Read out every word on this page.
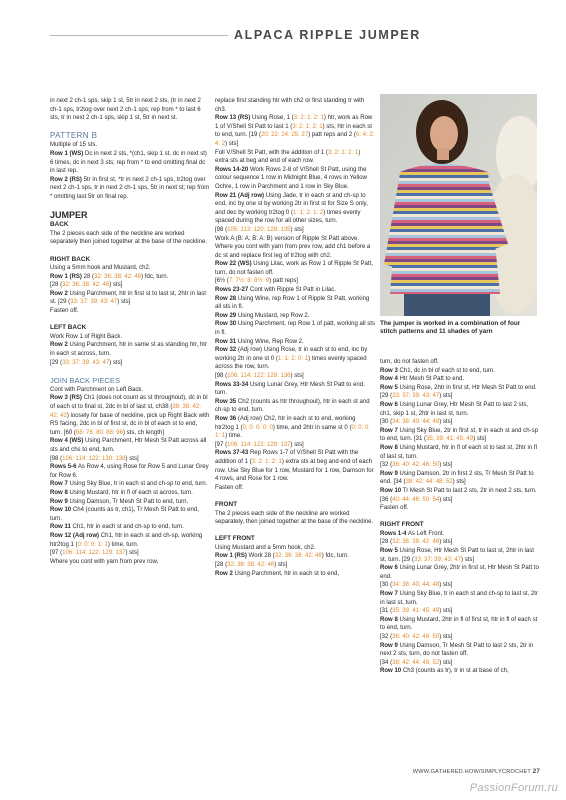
ALPACA RIPPLE JUMPER

in next 2 ch-1 sps, skip 1 st, 5tr in next 2 sts, (tr in next 2 ch-1 sps, tr2tog over next 2 ch-1 sps; rep from * to last 6 sts, tr in next 2 ch-1 sps, skip 1 st, 5tr in next st.

PATTERN B

Multiple of 15 sts.

Row 1 (WS) Dc in next 2 sts, *(ch1, skip 1 st, dc in next st) 6 times, dc in next 3 sts; rep from * to end omitting final dc in last rep.

Row 2 (RS) 5tr in first st, *tr in next 2 ch-1 sps, tr2tog over next 2 ch-1 sps, tr in next 2 ch-1 sps, 5tr in next st; rep from * omitting last 5tr on final rep.

JUMPER

BACK

The 2 pieces each side of the neckline are worked separately then joined together at the base of the neckline.

RIGHT BACK

Using a 5mm hook and Mustard, ch2.

Row 1 (RS) 28 (32: 36: 38: 42: 46) fdc, turn.

[28 (32: 36: 38: 42: 46) sts]

Row 2 Using Parchment, htr in first st to last st, 2htr in last st. [29 (33: 37: 39: 43: 47) sts]

Fasten off.

LEFT BACK

Work Row 1 of Right Back.

Row 2 Using Parchment, htr in same st as standing htr, htr in each st across, turn.

[29 (33: 37: 39: 43: 47) sts]

JOIN BACK PIECES

Cont with Parchment on Left Back.

Row 3 (RS) Ch1 (does not count as st throughout), dc in bl of each st to final st, 2dc in bl of last st, ch38 (38: 38: 42: 42: 42) loosely for base of neckline, pick up Right Back with RS facing, 2dc in bl of first st, dc in bl of each st to end, turn. [60 (68: 76: 80: 88: 96) sts, ch length]

Row 4 (WS) Using Parchment, Htr Mesh St Patt across all sts and chs to end, turn.

[98 (106: 114: 122: 130: 138) sts]

Rows 5-6 As Row 4, using Rose for Row 5 and Lunar Grey for Row 6.

Row 7 Using Sky Blue, tr in each st and ch-sp to end, turn.

Row 8 Using Mustard, htr in fl of each st across, turn.

Row 9 Using Damson, Tr Mesh St Patt to end, turn.

Row 10 Ch4 (counts as tr, ch1), Tr Mesh St Patt to end, turn.

Row 11 Ch1, htr in each st and ch-sp to end, turn.

Row 12 (Adj row) Ch1, htr in each st and ch-sp, working htr2tog 1 (0: 0: 0: 1: 1) time, turn.

[97 (106: 114: 122: 129: 137) sts]

Where you cont with yarn from prev row,

replace first standing htr with ch2 or first standing tr with ch3.

Row 13 (RS) Using Rose, 1 (3: 2: 1: 2: 1) htr, work as Row 1 of V/Shell St Patt to last 1 (3: 2: 1: 2: 1) sts, htr in each st to end, turn. [19 (20: 22: 24: 25: 27) patt reps and 2 (6: 4: 2: 4: 2) sts]

Foll V/Shell St Patt, with the addition of 1 (3: 2: 1: 2: 1) extra sts at beg and end of each row.

Rows 14-20 Work Rows 2-8 of V/Shell St Patt, using the colour sequence 1 row in Midnight Blue, 4 rows in Yellow Ochre, 1 row in Parchment and 1 row in Sky Blue.

Row 21 (Adj row) Using Jade, tr in each st and ch-sp to end, inc by one st by working 2tr in first st for Size S only, and dec by working tr2tog 0 (1: 1: 2: 1: 2) times evenly spaced during the row for all other sizes, turn.

[98 (105: 113: 120: 128: 135) sts]

Work A (B: A: B: A: B) version of Ripple St Patt above.

Where you cont with yarn from prev row, add ch1 before a dc st and replace first leg of tr2tog with ch2.

Row 22 (WS) Using Lilac, work as Row 1 of Ripple St Patt, turn, do not fasten off.

[6½ (7: 7½: 8: 8½: 9) patt reps]

Rows 23-27 Cont with Ripple St Patt in Lilac.

Row 28 Using Wine, rep Row 1 of Ripple St Patt, working all sts in fl.

Row 29 Using Mustard, rep Row 2.

Row 30 Using Parchment, rep Row 1 of patt, working all sts in fl.

Row 31 Using Wine, Rep Row 2.

Row 32 (Adj row) Using Rose, tr in each st to end, inc by working 2tr in one st 0 (1: 1: 2: 0: 1) times evenly spaced across the row, turn.

[98 (106: 114: 122: 128: 136) sts]

Rows 33-34 Using Lunar Grey, Htr Mesh St Patt to end, turn.

Row 35 Ch2 (counts as htr throughout), htr in each st and ch-sp to end, turn.

Row 36 (Adj row) Ch2, htr in each st to end, working htr2tog 1 (0: 0: 0: 0: 0) time, and 2htr in same st 0 (0: 0: 0: 1: 1) time.

[97 (106: 114: 122: 129: 137) sts]

Rows 37-43 Rep Rows 1-7 of V/Shell St Patt with the addition of 1 (3: 2: 1: 2: 1) extra sts at beg and end of each row. Use Sky Blue for 1 row, Mustard for 1 row, Damson for 4 rows, and Rose for 1 row.

Fasten off.

FRONT

The 2 pieces each side of the neckline are worked separately, then joined together at the base of the neckline.

LEFT FRONT

Using Mustard and a 5mm hook, ch2.

Row 1 (RS) Work 28 (32: 36: 38: 42: 46) fdc, turn.

[28 (32: 36: 38: 42: 46) sts]

Row 2 Using Parchment, htr in each st to end,

turn, do not fasten off.

Row 3 Ch1, dc in bl of each st to end, turn.

Row 4 Htr Mesh St Patt to end.

Row 5 Using Rose, 2htr in first st, Htr Mesh St Patt to end. [29 (33: 37: 39: 43: 47) sts]

Row 6 Using Lunar Grey, Htr Mesh St Patt to last 2 sts, ch1, skip 1 st, 2htr in last st, turn.

[30 (34: 38: 40: 44: 48) sts]

Row 7 Using Sky Blue, 2tr in first st, tr in each st and ch-sp to end, turn. [31 (35: 39: 41: 45: 49) sts]

Row 8 Using Mustard, htr in fl of each st to last st, 2htr in fl of last st, turn.

[32 (36: 40: 42: 46: 50) sts]

Row 9 Using Damson, 2tr in first 2 sts, Tr Mesh St Patt to end. [34 (38: 42: 44: 48: 52) sts]

Row 10 Tr Mesh St Patt to last 2 sts, 2tr in next 2 sts, turn. [36 (40: 44: 46: 50: 54) sts]

Fasten off.

RIGHT FRONT

Rows 1-4 As Left Front.

[28 (32: 36: 38: 42: 46) sts]

Row 5 Using Rose, Htr Mesh St Patt to last st, 2htr in last st, turn. [29 (33: 37: 39: 43: 47) sts]

Row 6 Using Lunar Grey, 2htr in first st, Htr Mesh St Patt to end.

[30 (34: 38: 40: 44: 48) sts]

Row 7 Using Sky Blue, tr in each st and ch-sp to last st, 2tr in last st, turn.

[31 (35: 39: 41: 45: 49) sts]

Row 8 Using Mustard, 2htr in fl of first st, htr in fl of each st to end, turn.

[32 (36: 40: 42: 46: 50) sts]

Row 9 Using Damson, Tr Mesh St Patt to last 2 sts, 2tr in next 2 sts, turn, do not fasten off.

[34 (38: 42: 44: 48: 52) sts]

Row 10 Ch3 (counts as tr), tr in st at base of ch,

The jumper is worked in a combination of four stitch patterns and 11 shades of yarn
WWW.GATHERED.HOW/SIMPLYCROCHET 27
PassionForum.ru
